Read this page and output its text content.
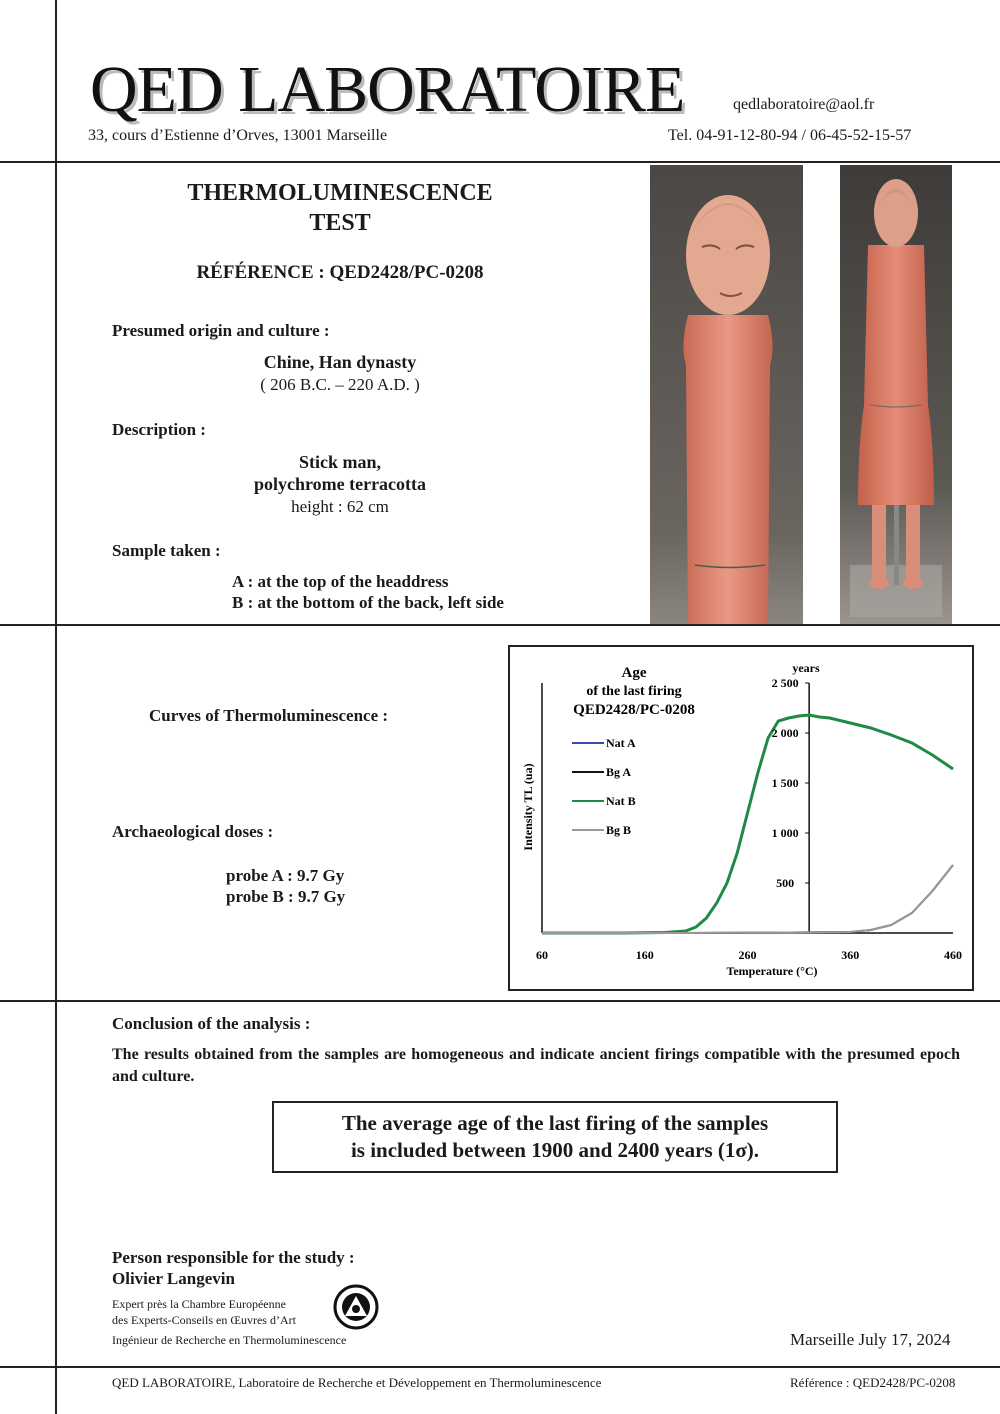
QED LABORATOIRE	qedlaboratoire@aol.fr
33, cours d’Estienne d’Orves, 13001 Marseille	Tel. 04-91-12-80-94 / 06-45-52-15-57
THERMOLUMINESCENCE
TEST
RÉFÉRENCE : QED2428/PC-0208
Presumed origin and culture :
Chine, Han dynasty
( 206 B.C. – 220 A.D. )
Description :
Stick man,
polychrome terracotta
height : 62 cm
Sample taken :
A : at the top of the headdress
B : at the bottom of the back, left side
Curves of Thermoluminescence :
Archaeological doses :
probe A : 9.7 Gy
probe B : 9.7 Gy
Age
of the last firing
QED2428/PC-0208
years
Intensity TL (ua)
Temperature (°C)
60	160	260	360	460
500
1 000
1 500
2 000
2 500
Nat A
Bg A
Nat B
Bg B
Conclusion of the analysis :
The results obtained from the samples are homogeneous and indicate ancient firings compatible with the presumed epoch and culture.
The average age of the last firing of the samples
is included between 1900 and 2400 years (1σ).
Person responsible for the study :
Olivier Langevin
Expert près la Chambre Européenne
des Experts-Conseils en Œuvres d’Art
Ingénieur de Recherche en Thermoluminescence	Marseille July 17, 2024
QED LABORATOIRE, Laboratoire de Recherche et Développement en Thermoluminescence	Référence : QED2428/PC-0208
